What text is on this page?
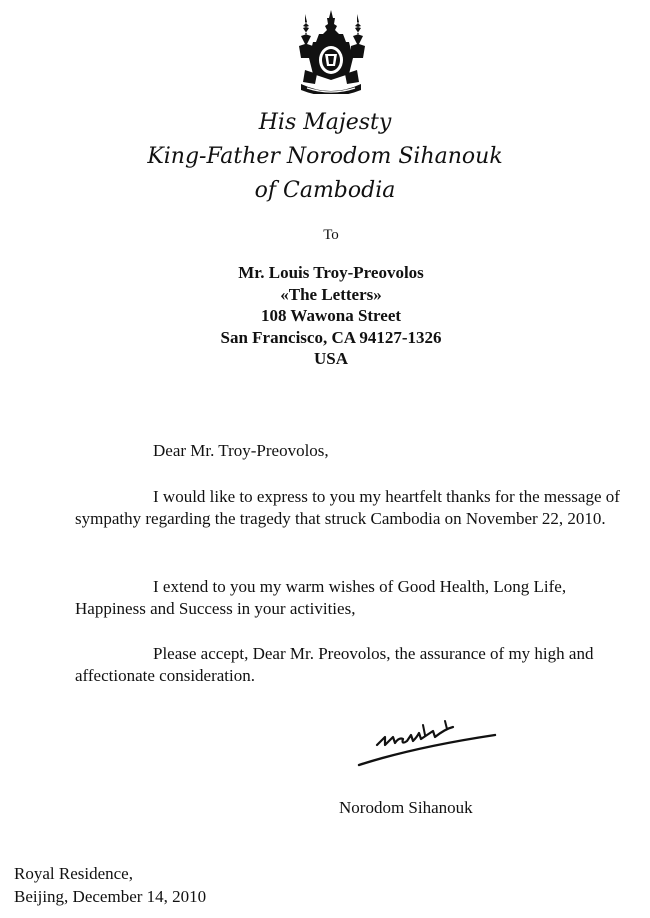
His Majesty
King-Father Norodom Sihanouk
of Cambodia
To
Mr. Louis Troy-Preovolos
«The Letters»
108 Wawona Street
San Francisco, CA 94127-1326
USA
Dear Mr. Troy-Preovolos,
I would like to express to you my heartfelt thanks for the message of sympathy regarding the tragedy that struck Cambodia on November 22, 2010.
I extend to you my warm wishes of Good Health, Long Life, Happiness and Success in your activities,
Please accept, Dear Mr. Preovolos, the assurance of my high and affectionate consideration.
Norodom Sihanouk
Royal Residence,
Beijing, December 14, 2010
